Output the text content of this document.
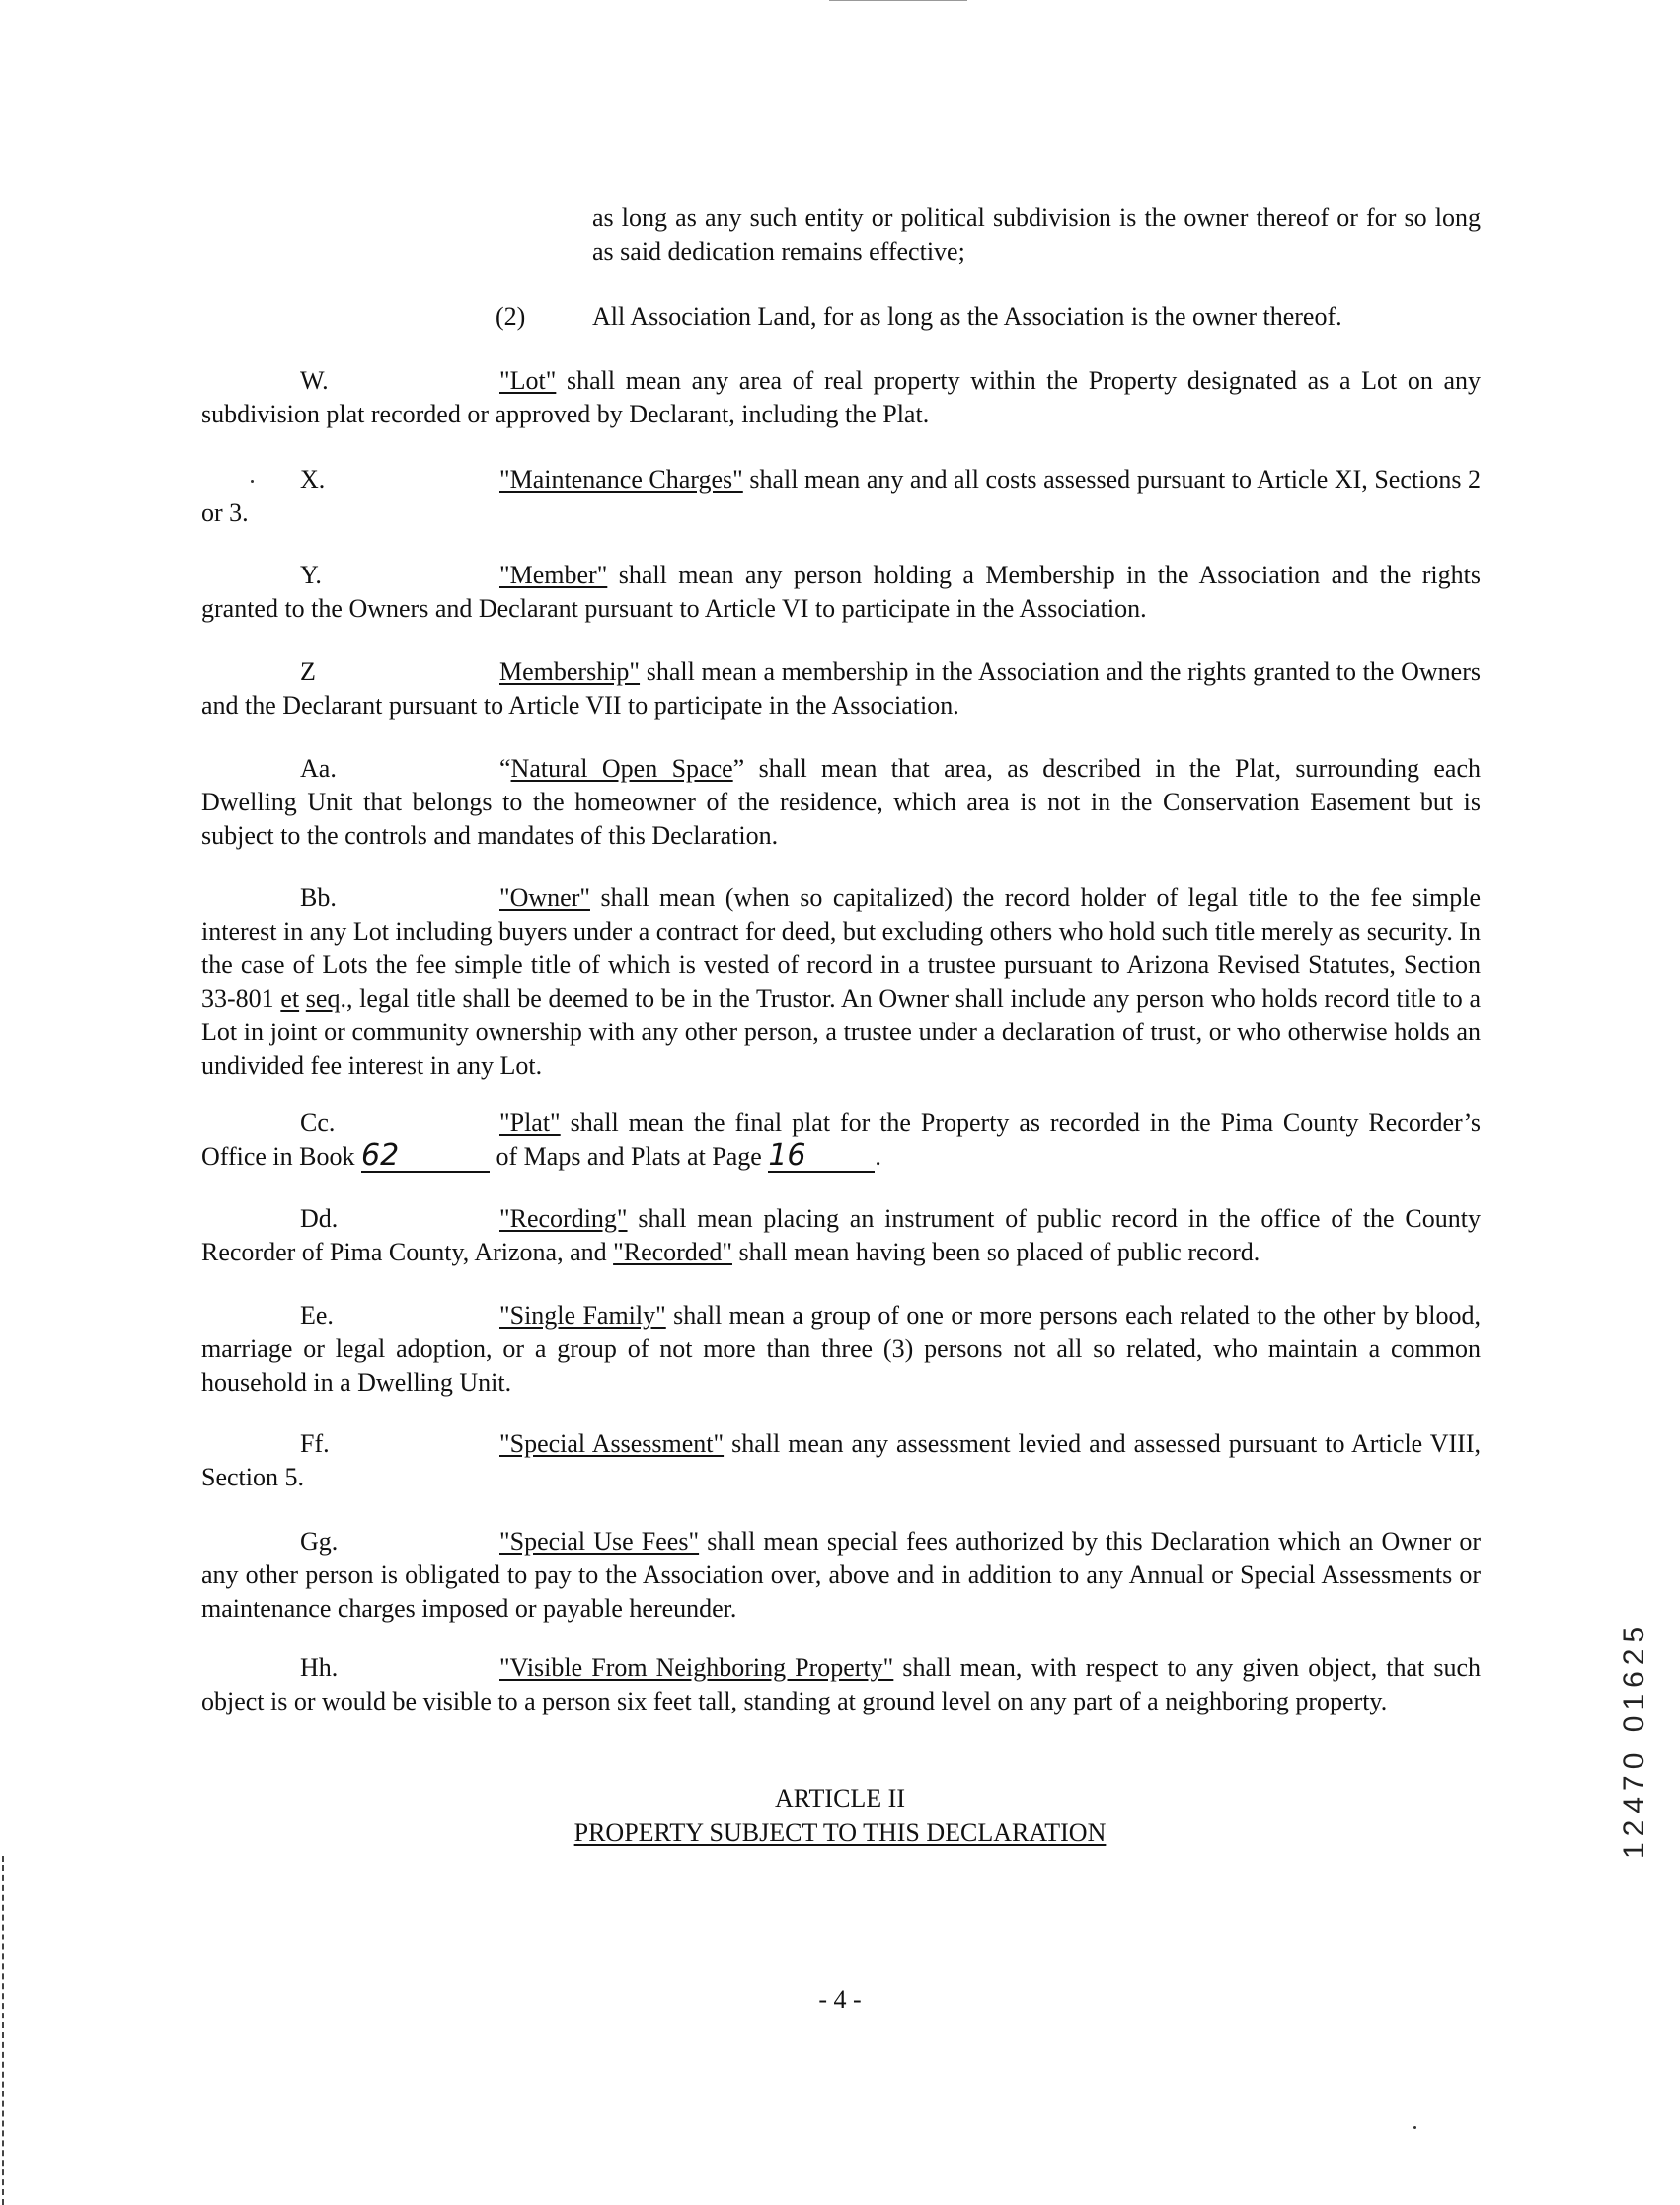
as long as any such entity or political subdivision is the owner thereof or for so long as said dedication remains effective;
(2)	All Association Land, for as long as the Association is the owner thereof.
W.	"Lot" shall mean any area of real property within the Property designated as a Lot on any subdivision plat recorded or approved by Declarant, including the Plat.
X.	"Maintenance Charges" shall mean any and all costs assessed pursuant to Article XI, Sections 2 or 3.
Y.	"Member" shall mean any person holding a Membership in the Association and the rights granted to the Owners and Declarant pursuant to Article VI to participate in the Association.
Z	Membership" shall mean a membership in the Association and the rights granted to the Owners and the Declarant pursuant to Article VII to participate in the Association.
Aa.	“Natural Open Space” shall mean that area, as described in the Plat, surrounding each Dwelling Unit that belongs to the homeowner of the residence, which area is not in the Conservation Easement but is subject to the controls and mandates of this Declaration.
Bb.	"Owner" shall mean (when so capitalized) the record holder of legal title to the fee simple interest in any Lot including buyers under a contract for deed, but excluding others who hold such title merely as security. In the case of Lots the fee simple title of which is vested of record in a trustee pursuant to Arizona Revised Statutes, Section 33-801 et seq., legal title shall be deemed to be in the Trustor. An Owner shall include any person who holds record title to a Lot in joint or community ownership with any other person, a trustee under a declaration of trust, or who otherwise holds an undivided fee interest in any Lot.
Cc.	"Plat" shall mean the final plat for the Property as recorded in the Pima County Recorder’s Office in Book 62	of Maps and Plats at Page 16	.
Dd.	"Recording" shall mean placing an instrument of public record in the office of the County Recorder of Pima County, Arizona, and "Recorded" shall mean having been so placed of public record.
Ee.	"Single Family" shall mean a group of one or more persons each related to the other by blood, marriage or legal adoption, or a group of not more than three (3) persons not all so related, who maintain a common household in a Dwelling Unit.
Ff.	"Special Assessment" shall mean any assessment levied and assessed pursuant to Article VIII, Section 5.
Gg.	"Special Use Fees" shall mean special fees authorized by this Declaration which an Owner or any other person is obligated to pay to the Association over, above and in addition to any Annual or Special Assessments or maintenance charges imposed or payable hereunder.
Hh.	"Visible From Neighboring Property" shall mean, with respect to any given object, that such object is or would be visible to a person six feet tall, standing at ground level on any part of a neighboring property.
ARTICLE II
PROPERTY SUBJECT TO THIS DECLARATION
- 4 -
12470 01625
